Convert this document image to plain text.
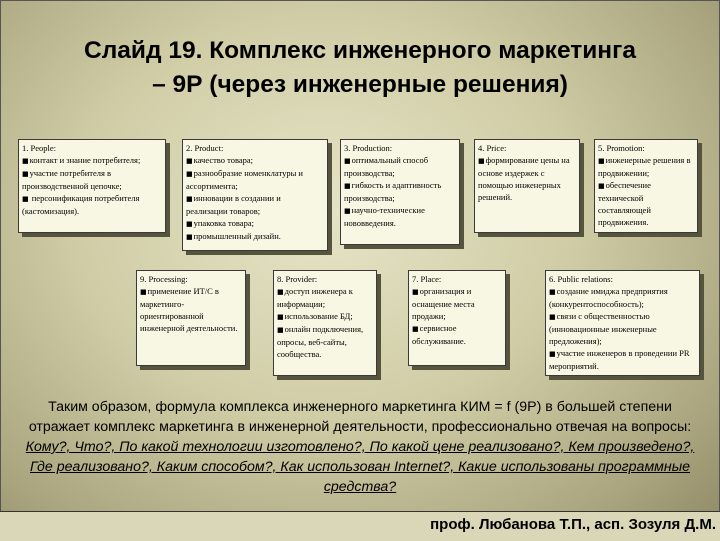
Слайд 19. Комплекс инженерного маркетинга
– 9Р (через инженерные решения)
1. People:
■контакт и знание потребителя;
■участие потребителя в производственной цепочке;
■ персонификация потребителя (кастомизация).
2. Product:
■качество товара;
■разнообразие номенклатуры и ассортимента;
■инновации в создании и реализации товаров;
■упаковка товара;
■промышленный дизайн.
3. Production:
■оптимальный способ производства;
■гибкость и адаптивность производства;
■научно-технические нововведения.
4. Price:
■формирование цены на основе издержек с помощью инженерных решений.
5. Promotion:
■инженерные решения в продвижении;
■обеспечение технической составляющей продвижения.
9. Processing:
■применение ИТ/С в маркетинго-ориентированной инженерной деятельности.
8. Provider:
■доступ инженера к информации;
■использование БД;
■онлайн подключения, опросы, веб-сайты, сообщества.
7. Place:
■организация и оснащение места продажи;
■сервисное обслуживание.
6. Public relations:
■создание имиджа предприятия (конкурентоспособность);
■связи с общественностью (инновационные инженерные предложения);
■участие инженеров в проведении PR мероприятий.
Таким образом, формула комплекса инженерного маркетинга КИМ = f (9Р) в большей степени отражает комплекс маркетинга в инженерной деятельности, профессионально отвечая на вопросы: Кому?, Что?, По какой технологии изготовлено?, По какой цене реализовано?, Кем произведено?, Где реализовано?, Каким способом?, Как использован Internet?, Какие использованы программные средства?
проф. Любанова Т.П., асп. Зозуля Д.М.
